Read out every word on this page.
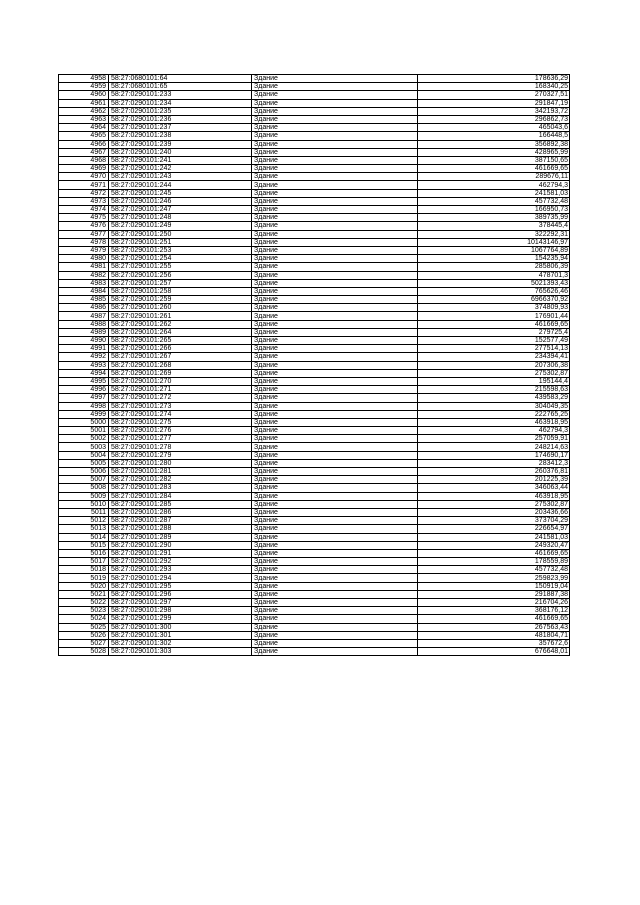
4958	58:27:0680101:64	Здание	178636,29
4959	58:27:0680101:65	Здание	168340,25
4960	58:27:0290101:233	Здание	270327,51
4961	58:27:0290101:234	Здание	291847,19
4962	58:27:0290101:235	Здание	342193,72
4963	58:27:0290101:236	Здание	296862,73
4964	58:27:0290101:237	Здание	465043,6
4965	58:27:0290101:238	Здание	166448,5
4966	58:27:0290101:239	Здание	356892,38
4967	58:27:0290101:240	Здание	428965,99
4968	58:27:0290101:241	Здание	387150,65
4969	58:27:0290101:242	Здание	461669,65
4970	58:27:0290101:243	Здание	289676,11
4971	58:27:0290101:244	Здание	462794,3
4972	58:27:0290101:245	Здание	241581,03
4973	58:27:0290101:246	Здание	457732,48
4974	58:27:0290101:247	Здание	166950,73
4975	58:27:0290101:248	Здание	389735,99
4976	58:27:0290101:249	Здание	378445,4
4977	58:27:0290101:250	Здание	322292,31
4978	58:27:0290101:251	Здание	10143146,97
4979	58:27:0290101:253	Здание	1067764,89
4980	58:27:0290101:254	Здание	154235,94
4981	58:27:0290101:255	Здание	285806,39
4982	58:27:0290101:256	Здание	478701,3
4983	58:27:0290101:257	Здание	5021393,43
4984	58:27:0290101:258	Здание	765626,46
4985	58:27:0290101:259	Здание	6966370,92
4986	58:27:0290101:260	Здание	374809,93
4987	58:27:0290101:261	Здание	176901,44
4988	58:27:0290101:262	Здание	461669,65
4989	58:27:0290101:264	Здание	279725,4
4990	58:27:0290101:265	Здание	152577,49
4991	58:27:0290101:266	Здание	277514,13
4992	58:27:0290101:267	Здание	234394,41
4993	58:27:0290101:268	Здание	207306,38
4994	58:27:0290101:269	Здание	275302,87
4995	58:27:0290101:270	Здание	195144,4
4996	58:27:0290101:271	Здание	215598,63
4997	58:27:0290101:272	Здание	439583,29
4998	58:27:0290101:273	Здание	304049,35
4999	58:27:0290101:274	Здание	222765,25
5000	58:27:0290101:275	Здание	463918,95
5001	58:27:0290101:276	Здание	462794,3
5002	58:27:0290101:277	Здание	257059,91
5003	58:27:0290101:278	Здание	248214,63
5004	58:27:0290101:279	Здание	174690,17
5005	58:27:0290101:280	Здание	283412,3
5006	58:27:0290101:281	Здание	260376,81
5007	58:27:0290101:282	Здание	201225,39
5008	58:27:0290101:283	Здание	346063,44
5009	58:27:0290101:284	Здание	463918,95
5010	58:27:0290101:285	Здание	275302,87
5011	58:27:0290101:286	Здание	203436,66
5012	58:27:0290101:287	Здание	373704,29
5013	58:27:0290101:288	Здание	226654,97
5014	58:27:0290101:289	Здание	241581,03
5015	58:27:0290101:290	Здание	249320,47
5016	58:27:0290101:291	Здание	461669,65
5017	58:27:0290101:292	Здание	178559,89
5018	58:27:0290101:293	Здание	457732,48
5019	58:27:0290101:294	Здание	259823,99
5020	58:27:0290101:295	Здание	150919,04
5021	58:27:0290101:296	Здание	291887,38
5022	58:27:0290101:297	Здание	216704,26
5023	58:27:0290101:298	Здание	368176,12
5024	58:27:0290101:299	Здание	461669,65
5025	58:27:0290101:300	Здание	267563,43
5026	58:27:0290101:301	Здание	481804,71
5027	58:27:0290101:302	Здание	357672,6
5028	58:27:0290101:303	Здание	676648,01
